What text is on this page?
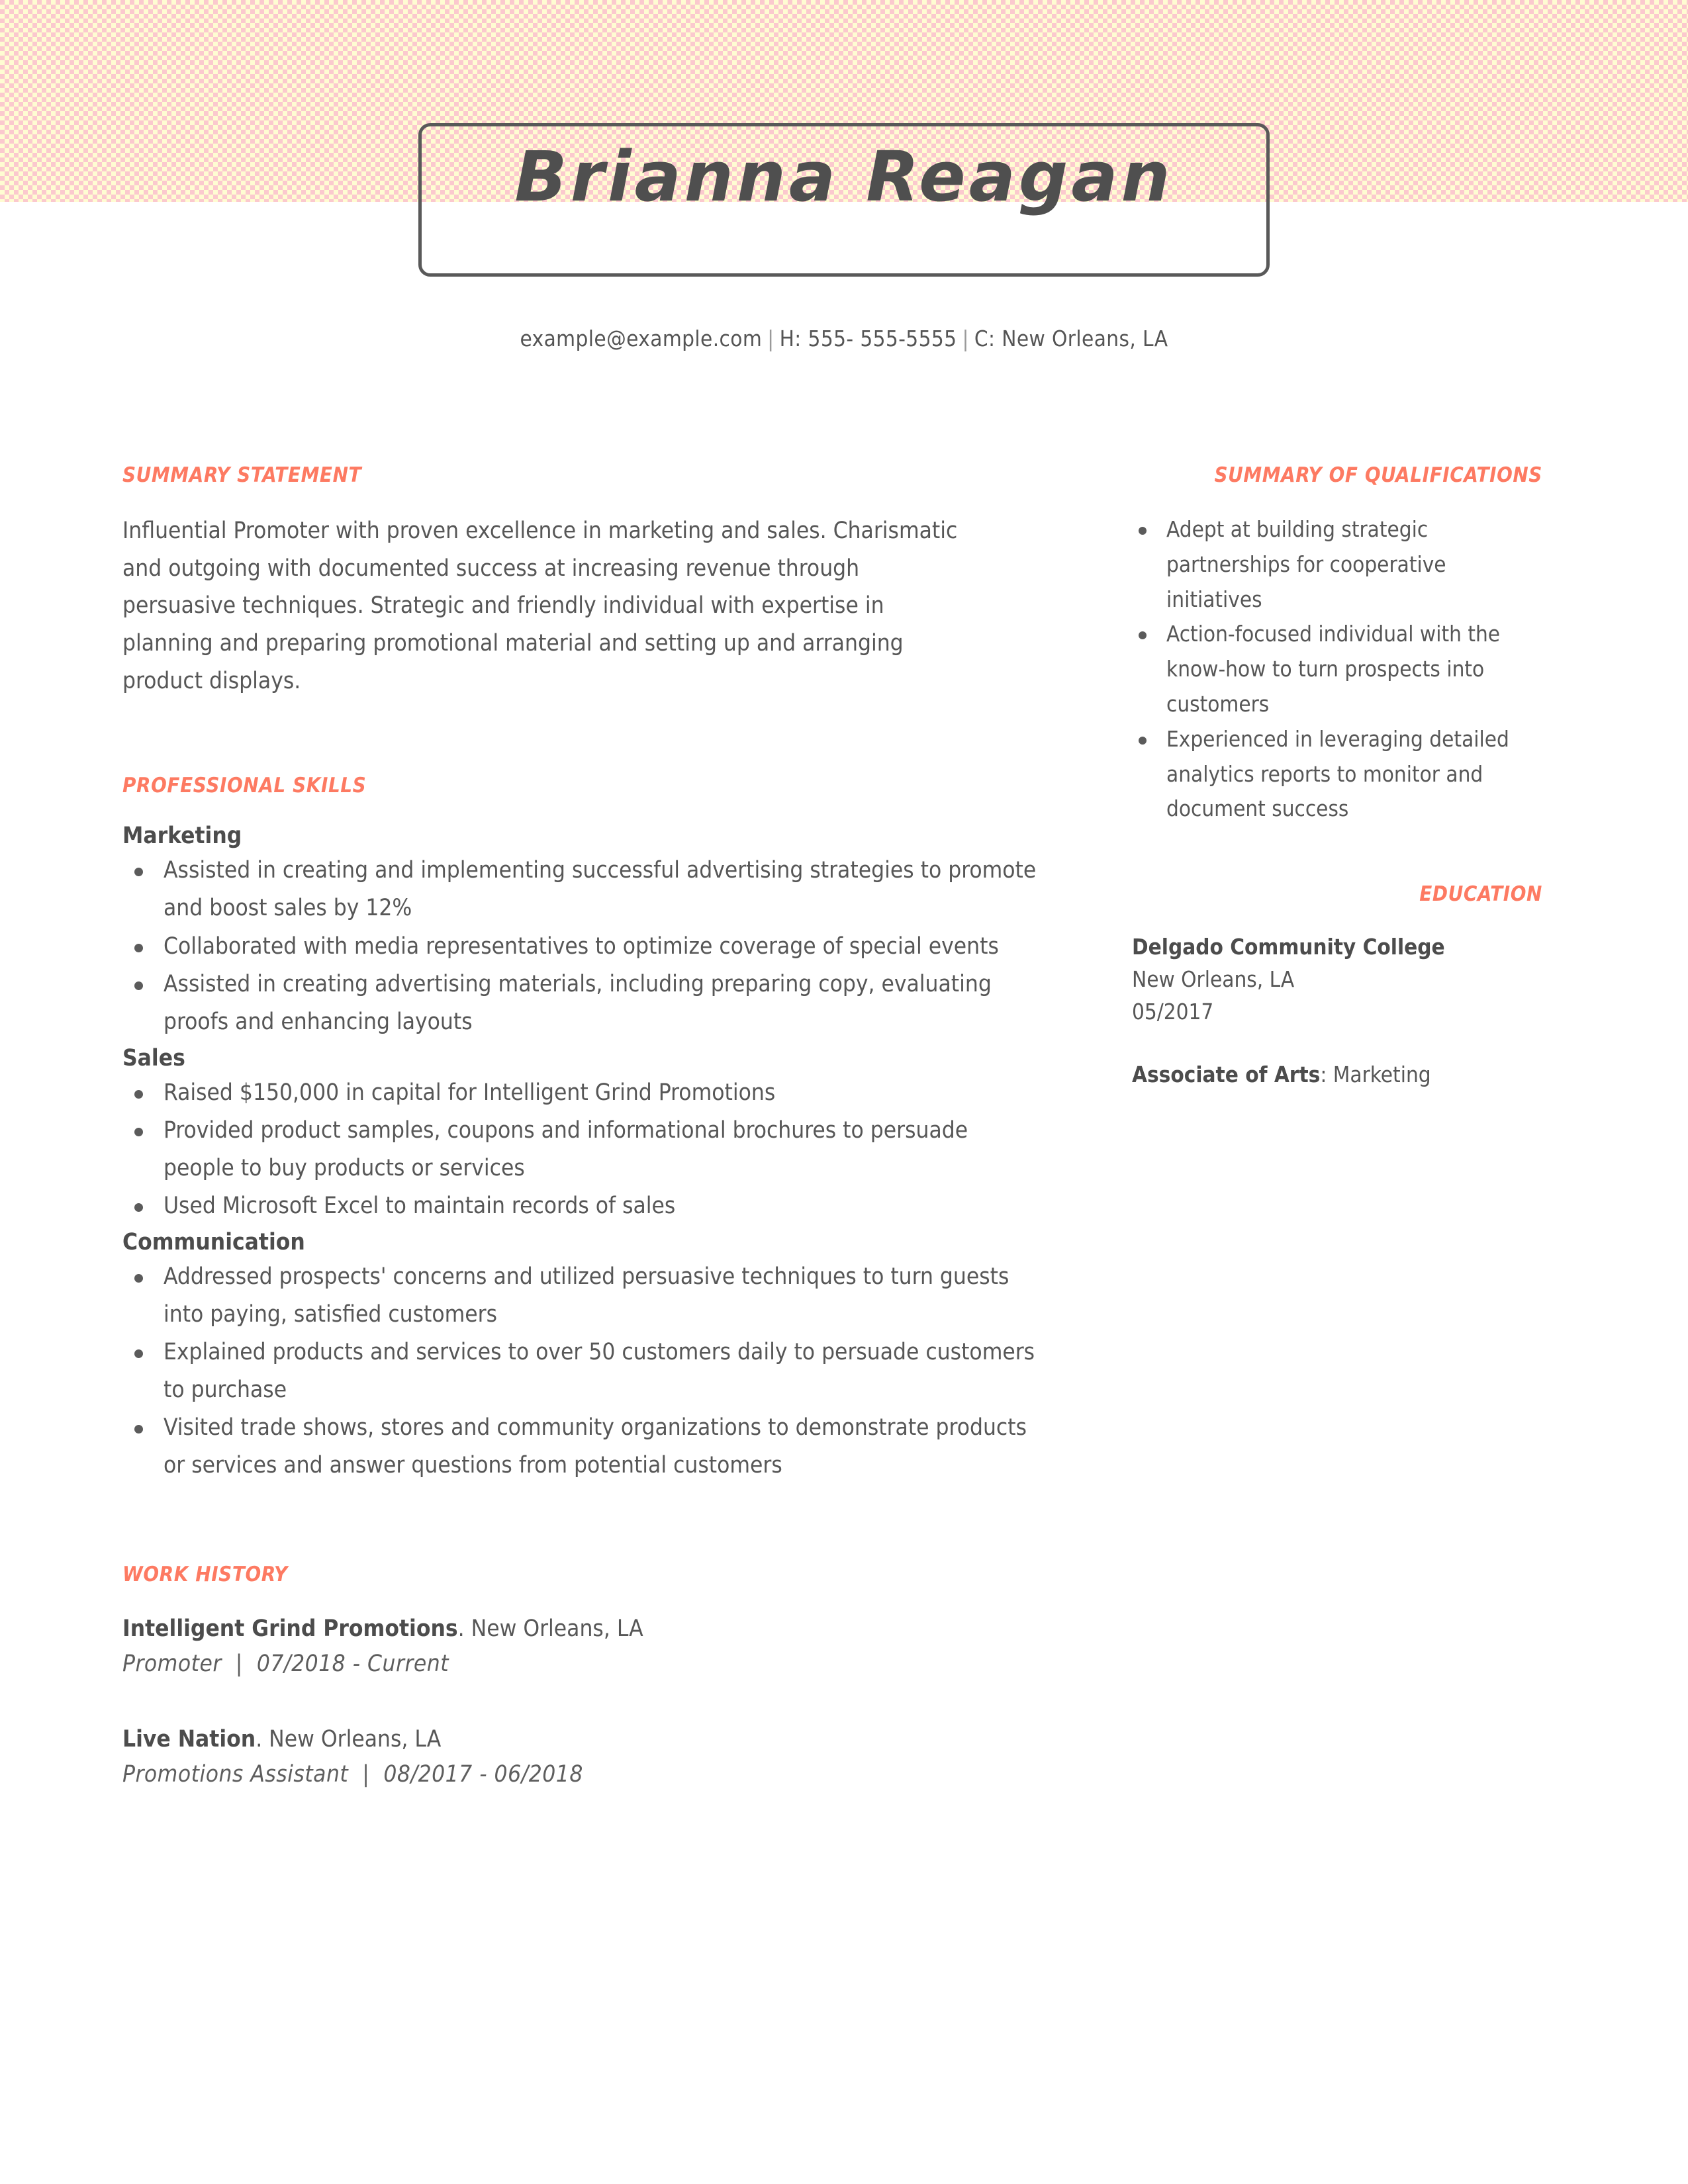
Brianna Reagan
example@example.com | H: 555- 555-5555 | C: New Orleans, LA
SUMMARY STATEMENT

Influential Promoter with proven excellence in marketing and sales. Charismatic and outgoing with documented success at increasing revenue through persuasive techniques. Strategic and friendly individual with expertise in planning and preparing promotional material and setting up and arranging product displays.

PROFESSIONAL SKILLS
Marketing
Assisted in creating and implementing successful advertising strategies to promote and boost sales by 12%
Collaborated with media representatives to optimize coverage of special events
Assisted in creating advertising materials, including preparing copy, evaluating proofs and enhancing layouts
Sales
Raised $150,000 in capital for Intelligent Grind Promotions
Provided product samples, coupons and informational brochures to persuade people to buy products or services
Used Microsoft Excel to maintain records of sales
Communication
Addressed prospects' concerns and utilized persuasive techniques to turn guests into paying, satisfied customers
Explained products and services to over 50 customers daily to persuade customers to purchase
Visited trade shows, stores and community organizations to demonstrate products or services and answer questions from potential customers
WORK HISTORY
Intelligent Grind Promotions. New Orleans, LA
Promoter | 07/2018 - Current
Live Nation. New Orleans, LA
Promotions Assistant | 08/2017 - 06/2018
SUMMARY OF QUALIFICATIONS
Adept at building strategic partnerships for cooperative initiatives
Action-focused individual with the know-how to turn prospects into customers
Experienced in leveraging detailed analytics reports to monitor and document success
EDUCATION
Delgado Community College
New Orleans, LA
05/2017
Associate of Arts: Marketing
